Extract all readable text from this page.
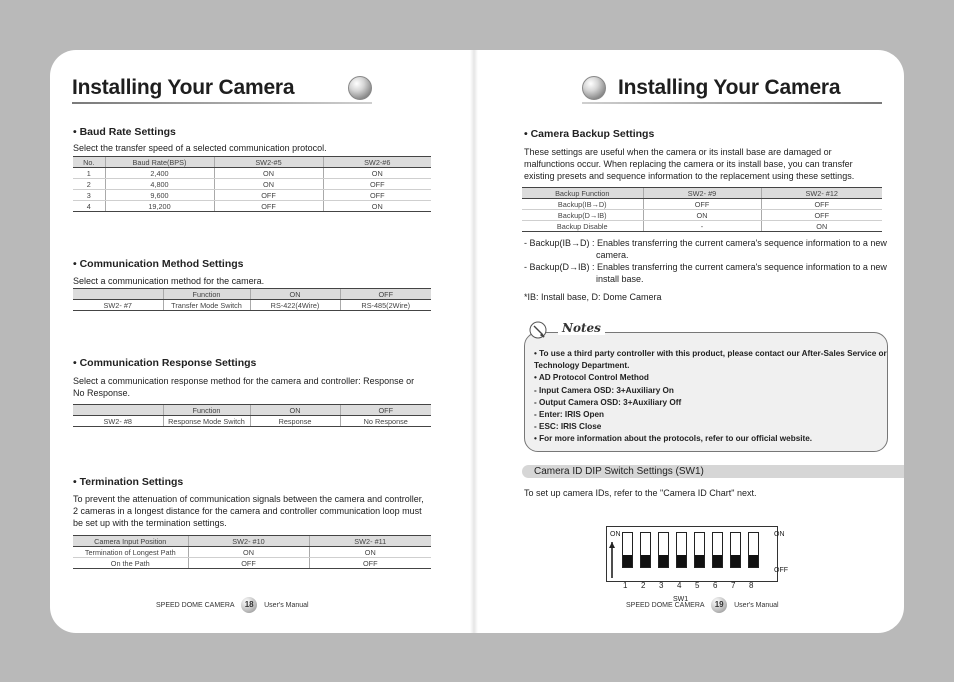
Installing Your Camera
• Baud Rate Settings
Select the transfer speed of a selected communication protocol.
No.	Baud Rate(BPS)	SW2-#5	SW2-#6
1	2,400	ON	ON
2	4,800	ON	OFF
3	9,600	OFF	OFF
4	19,200	OFF	ON
• Communication Method Settings
Select a communication method for the camera.
	Function	ON	OFF
SW2- #7	Transfer Mode Switch	RS-422(4Wire)	RS-485(2Wire)
• Communication Response Settings
Select a communication response method for the camera and controller: Response or No Response.
	Function	ON	OFF
SW2- #8	Response Mode Switch	Response	No Response
• Termination Settings
To prevent the attenuation of communication signals between the camera and controller, 2 cameras in a longest distance for the camera and controller communication loop must be set up with the termination settings.
Camera Input Position	SW2- #10	SW2- #11
Termination of Longest Path	ON	ON
On the Path	OFF	OFF
SPEED DOME CAMERA 18 User's Manual
Installing Your Camera
• Camera Backup Settings
These settings are useful when the camera or its install base are damaged or malfunctions occur. When replacing the camera or its install base, you can transfer existing presets and sequence information to the replacement using these settings.
Backup Function	SW2- #9	SW2- #12
Backup(IB→D)	OFF	OFF
Backup(D→IB)	ON	OFF
Backup Disable	-	ON
- Backup(IB→D) : Enables transferring the current camera's sequence information to a new
camera.
- Backup(D→IB) : Enables transferring the current camera's sequence information to a new
install base.
*IB: Install base, D: Dome Camera
Notes
• To use a third party controller with this product, please contact our After-Sales Service or
Technology Department.
• AD Protocol Control Method
- Input Camera OSD: 3+Auxiliary On
- Output Camera OSD: 3+Auxiliary Off
- Enter: IRIS Open
- ESC: IRIS Close
• For more information about the protocols, refer to our official website.
Camera ID DIP Switch Settings (SW1)
To set up camera IDs, refer to the "Camera ID Chart" next.
ON	ON
OFF
1 2 3 4 5 6 7 8
SW1
SPEED DOME CAMERA 19 User's Manual
